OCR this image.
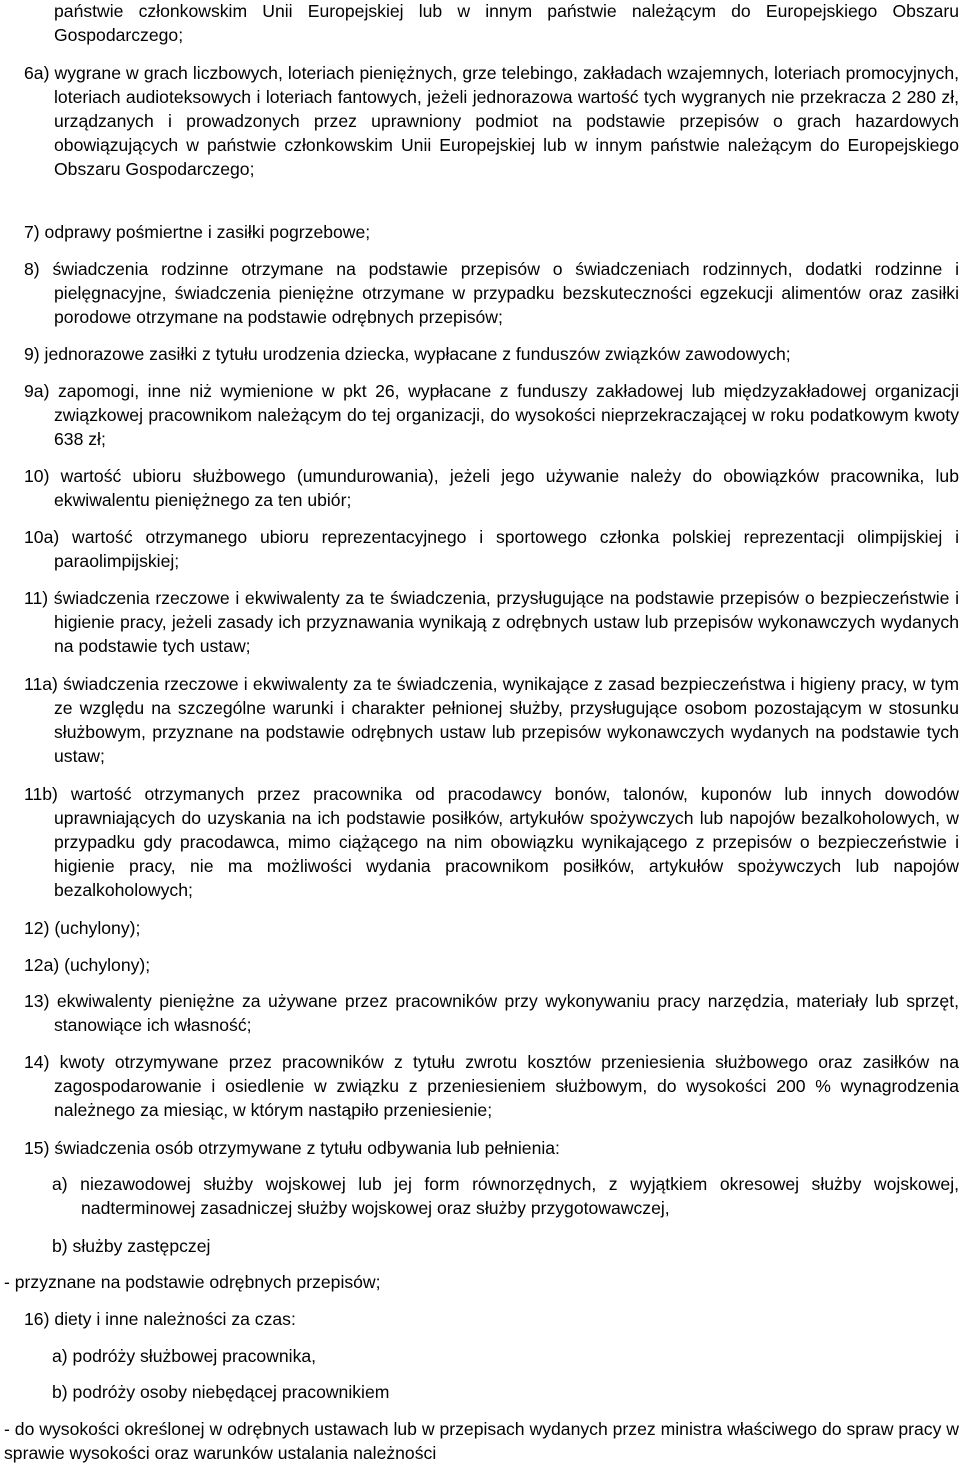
państwie członkowskim Unii Europejskiej lub w innym państwie należącym do Europejskiego Obszaru Gospodarczego;

6a) wygrane w grach liczbowych, loteriach pieniężnych, grze telebingo, zakładach wzajemnych, loteriach promocyjnych, loteriach audioteksowych i loteriach fantowych, jeżeli jednorazowa wartość tych wygranych nie przekracza 2 280 zł, urządzanych i prowadzonych przez uprawniony podmiot na podstawie przepisów o grach hazardowych obowiązujących w państwie członkowskim Unii Europejskiej lub w innym państwie należącym do Europejskiego Obszaru Gospodarczego;

7) odprawy pośmiertne i zasiłki pogrzebowe;

8) świadczenia rodzinne otrzymane na podstawie przepisów o świadczeniach rodzinnych, dodatki rodzinne i pielęgnacyjne, świadczenia pieniężne otrzymane w przypadku bezskuteczności egzekucji alimentów oraz zasiłki porodowe otrzymane na podstawie odrębnych przepisów;

9) jednorazowe zasiłki z tytułu urodzenia dziecka, wypłacane z funduszów związków zawodowych;

9a) zapomogi, inne niż wymienione w pkt 26, wypłacane z funduszy zakładowej lub międzyzakładowej organizacji związkowej pracownikom należącym do tej organizacji, do wysokości nieprzekraczającej w roku podatkowym kwoty 638 zł;

10) wartość ubioru służbowego (umundurowania), jeżeli jego używanie należy do obowiązków pracownika, lub ekwiwalentu pieniężnego za ten ubiór;

10a) wartość otrzymanego ubioru reprezentacyjnego i sportowego członka polskiej reprezentacji olimpijskiej i paraolimpijskiej;

11) świadczenia rzeczowe i ekwiwalenty za te świadczenia, przysługujące na podstawie przepisów o bezpieczeństwie i higienie pracy, jeżeli zasady ich przyznawania wynikają z odrębnych ustaw lub przepisów wykonawczych wydanych na podstawie tych ustaw;

11a) świadczenia rzeczowe i ekwiwalenty za te świadczenia, wynikające z zasad bezpieczeństwa i higieny pracy, w tym ze względu na szczególne warunki i charakter pełnionej służby, przysługujące osobom pozostającym w stosunku służbowym, przyznane na podstawie odrębnych ustaw lub przepisów wykonawczych wydanych na podstawie tych ustaw;

11b) wartość otrzymanych przez pracownika od pracodawcy bonów, talonów, kuponów lub innych dowodów uprawniających do uzyskania na ich podstawie posiłków, artykułów spożywczych lub napojów bezalkoholowych, w przypadku gdy pracodawca, mimo ciążącego na nim obowiązku wynikającego z przepisów o bezpieczeństwie i higienie pracy, nie ma możliwości wydania pracownikom posiłków, artykułów spożywczych lub napojów bezalkoholowych;

12) (uchylony);

12a) (uchylony);

13) ekwiwalenty pieniężne za używane przez pracowników przy wykonywaniu pracy narzędzia, materiały lub sprzęt, stanowiące ich własność;

14) kwoty otrzymywane przez pracowników z tytułu zwrotu kosztów przeniesienia służbowego oraz zasiłków na zagospodarowanie i osiedlenie w związku z przeniesieniem służbowym, do wysokości 200 % wynagrodzenia należnego za miesiąc, w którym nastąpiło przeniesienie;

15) świadczenia osób otrzymywane z tytułu odbywania lub pełnienia:

a) niezawodowej służby wojskowej lub jej form równorzędnych, z wyjątkiem okresowej służby wojskowej, nadterminowej zasadniczej służby wojskowej oraz służby przygotowawczej,

b) służby zastępczej

- przyznane na podstawie odrębnych przepisów;

16) diety i inne należności za czas:

a) podróży służbowej pracownika,

b) podróży osoby niebędącej pracownikiem

- do wysokości określonej w odrębnych ustawach lub w przepisach wydanych przez ministra właściwego do spraw pracy w sprawie wysokości oraz warunków ustalania należności
